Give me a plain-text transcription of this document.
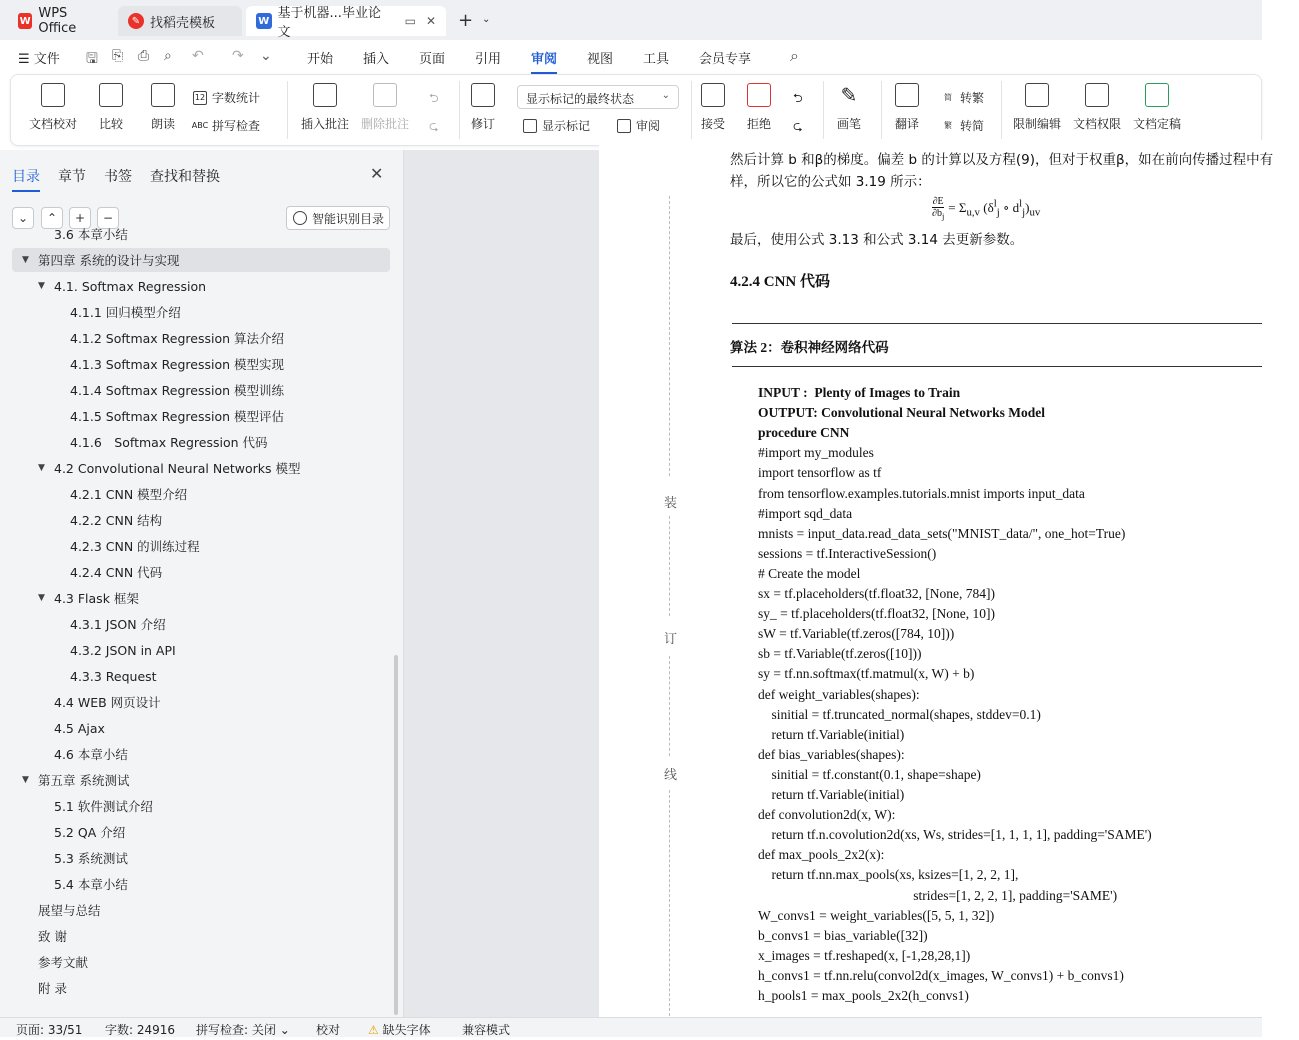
W WPS Office	✎ 找稻壳模板	W 基于机器...毕业论文
▭ ✕ + ⌄
☰ 文件 🖫 ⎘ ⎙ ⌕ ↶ ↷ ⌄	开始 插入 页面 引用 审阅 视图 工具 会员专享 ⌕
文档校对 比较 朗读
12 字数统计
ABC 拼写检查	插入批注 删除批注
⮌
⮎	修订
显示标记的最终状态	⌄
显示标记	审阅	接受 拒绝
⮌
⮎
✎
画笔	翻译
简 转繁
繁 转简 限制编辑 文档权限 文档定稿
目录 章节 书签 查找和替换	✕
⌄	⌃	+	−	智能识别目录
3.6 本章小结
▼ 第四章 系统的设计与实现
▼ 4.1. Softmax Regression
4.1.1 回归模型介绍
4.1.2 Softmax Regression 算法介绍
4.1.3 Softmax Regression 模型实现
4.1.4 Softmax Regression 模型训练
4.1.5 Softmax Regression 模型评估
4.1.6　Softmax Regression 代码
▼ 4.2 Convolutional Neural Networks 模型
4.2.1 CNN 模型介绍
4.2.2 CNN 结构
4.2.3 CNN 的训练过程
4.2.4 CNN 代码
▼ 4.3 Flask 框架
4.3.1 JSON 介绍
4.3.2 JSON in API
4.3.3 Request
4.4 WEB 网页设计
4.5 Ajax
4.6 本章小结
▼ 第五章 系统测试
5.1 软件测试介绍
5.2 QA 介绍
5.3 系统测试
5.4 本章小结
展望与总结
致 谢
参考文献
附 录
装
订
线
然后计算 b 和β的梯度。偏差 b 的计算以及方程(9)，但对于权重β，如在前向传播过程中有
样，所以它的公式如 3.19 所示：
$\frac{\partial E}{\partial b_j} = \Sigma_{u,v}$ ($\delta^l_j$ ∘ $d^l_j)_{uv}$
最后，使用公式 3.13 和公式 3.14 去更新参数。
4.2.4 CNN 代码
算法 2：卷积神经网络代码
INPUT :  Plenty of Images to Train
OUTPUT: Convolutional Neural Networks Model
procedure CNN
#import my_modules
import tensorflow as tf
from tensorflow.examples.tutorials.mnist imports input_data
#import sqd_data
mnists = input_data.read_data_sets("MNIST_data/", one_hot=True)
sessions = tf.InteractiveSession()
# Create the model
sx = tf.placeholders(tf.float32, [None, 784])
sy_ = tf.placeholders(tf.float32, [None, 10])
sW = tf.Variable(tf.zeros([784, 10]))
sb = tf.Variable(tf.zeros([10]))
sy = tf.nn.softmax(tf.matmul(x, W) + b)
def weight_variables(shapes):
sinitial = tf.truncated_normal(shapes, stddev=0.1)
return tf.Variable(initial)
def bias_variables(shapes):
sinitial = tf.constant(0.1, shape=shape)
return tf.Variable(initial)
def convolution2d(x, W):
return tf.n.covolution2d(xs, Ws, strides=[1, 1, 1, 1], padding='SAME')
def max_pools_2x2(x):
return tf.nn.max_pools(xs, ksizes=[1, 2, 2, 1],
strides=[1, 2, 2, 1], padding='SAME')
W_convs1 = weight_variables([5, 5, 1, 32])
b_convs1 = bias_variable([32])
x_images = tf.reshaped(x, [-1,28,28,1])
h_convs1 = tf.nn.relu(convol2d(x_images, W_convs1) + b_convs1)
h_pools1 = max_pools_2x2(h_convs1)
页面: 33/51 字数: 24916 拼写检查: 关闭 ⌄ 校对 ⚠ 缺失字体	兼容模式
